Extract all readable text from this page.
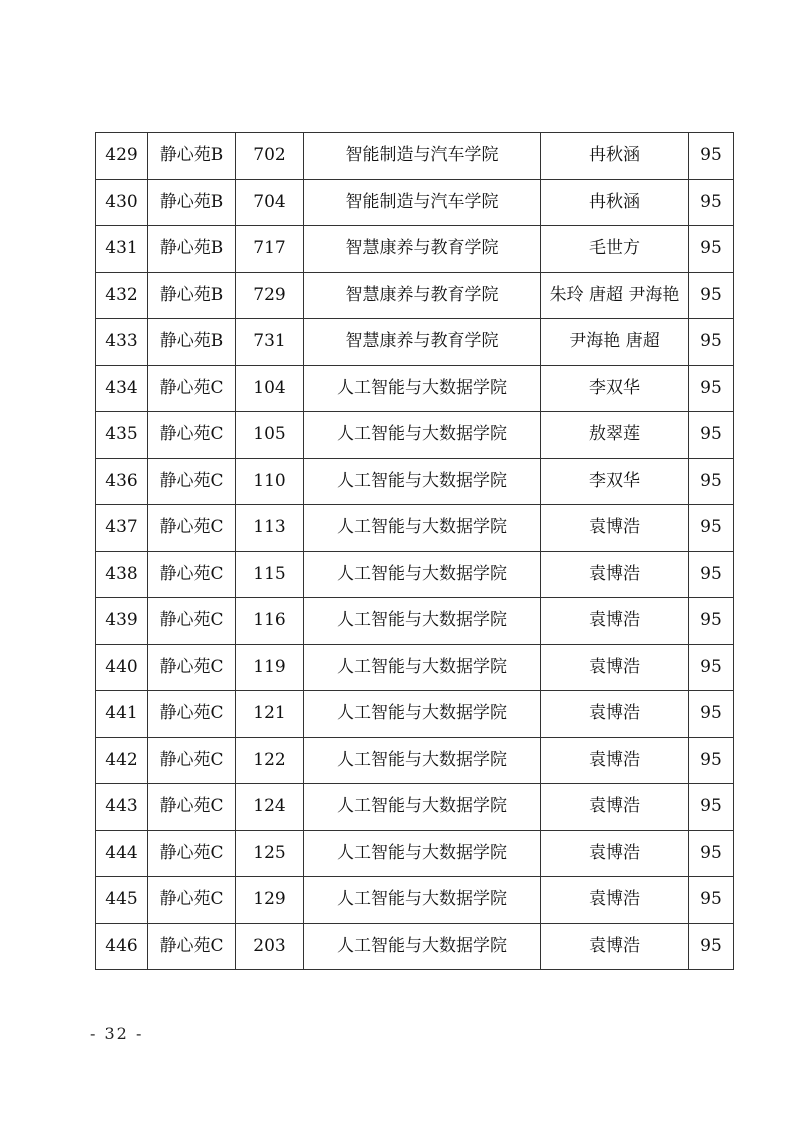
429	静心苑B	702	智能制造与汽车学院	冉秋涵	95
430	静心苑B	704	智能制造与汽车学院	冉秋涵	95
431	静心苑B	717	智慧康养与教育学院	毛世方	95
432	静心苑B	729	智慧康养与教育学院	朱玲 唐超 尹海艳	95
433	静心苑B	731	智慧康养与教育学院	尹海艳 唐超	95
434	静心苑C	104	人工智能与大数据学院	李双华	95
435	静心苑C	105	人工智能与大数据学院	敖翠莲	95
436	静心苑C	110	人工智能与大数据学院	李双华	95
437	静心苑C	113	人工智能与大数据学院	袁博浩	95
438	静心苑C	115	人工智能与大数据学院	袁博浩	95
439	静心苑C	116	人工智能与大数据学院	袁博浩	95
440	静心苑C	119	人工智能与大数据学院	袁博浩	95
441	静心苑C	121	人工智能与大数据学院	袁博浩	95
442	静心苑C	122	人工智能与大数据学院	袁博浩	95
443	静心苑C	124	人工智能与大数据学院	袁博浩	95
444	静心苑C	125	人工智能与大数据学院	袁博浩	95
445	静心苑C	129	人工智能与大数据学院	袁博浩	95
446	静心苑C	203	人工智能与大数据学院	袁博浩	95
- 32 -
